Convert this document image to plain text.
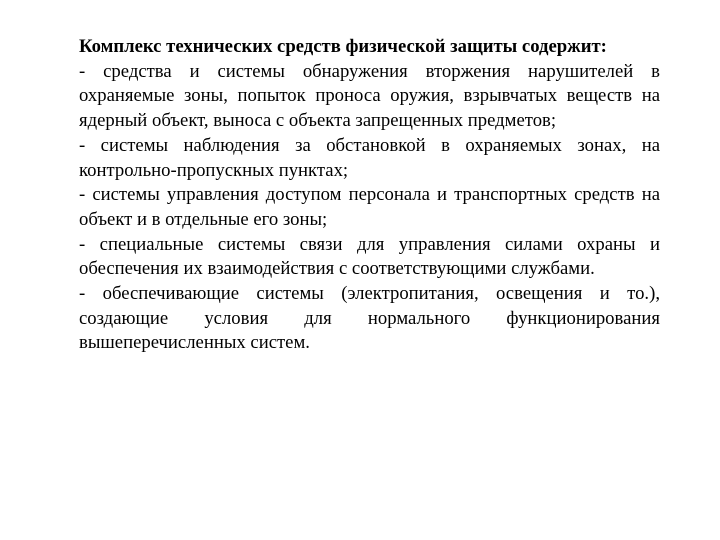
Комплекс технических средств физической защиты содержит:

- средства и системы обнаружения вторжения нарушителей в охраняемые зоны, попыток проноса оружия, взрывчатых веществ на ядерный объект, выноса с объекта запрещенных предметов;

- системы наблюдения за обстановкой в охраняемых зонах, на контрольно-пропускных пунктах;

- системы управления доступом персонала и транспортных средств на объект и в отдельные его зоны;

- специальные системы связи для управления силами охраны и обеспечения их взаимодействия с соответствующими службами.

- обеспечивающие системы (электропитания, освещения и то.), создающие условия для нормального функционирования вышеперечисленных систем.
